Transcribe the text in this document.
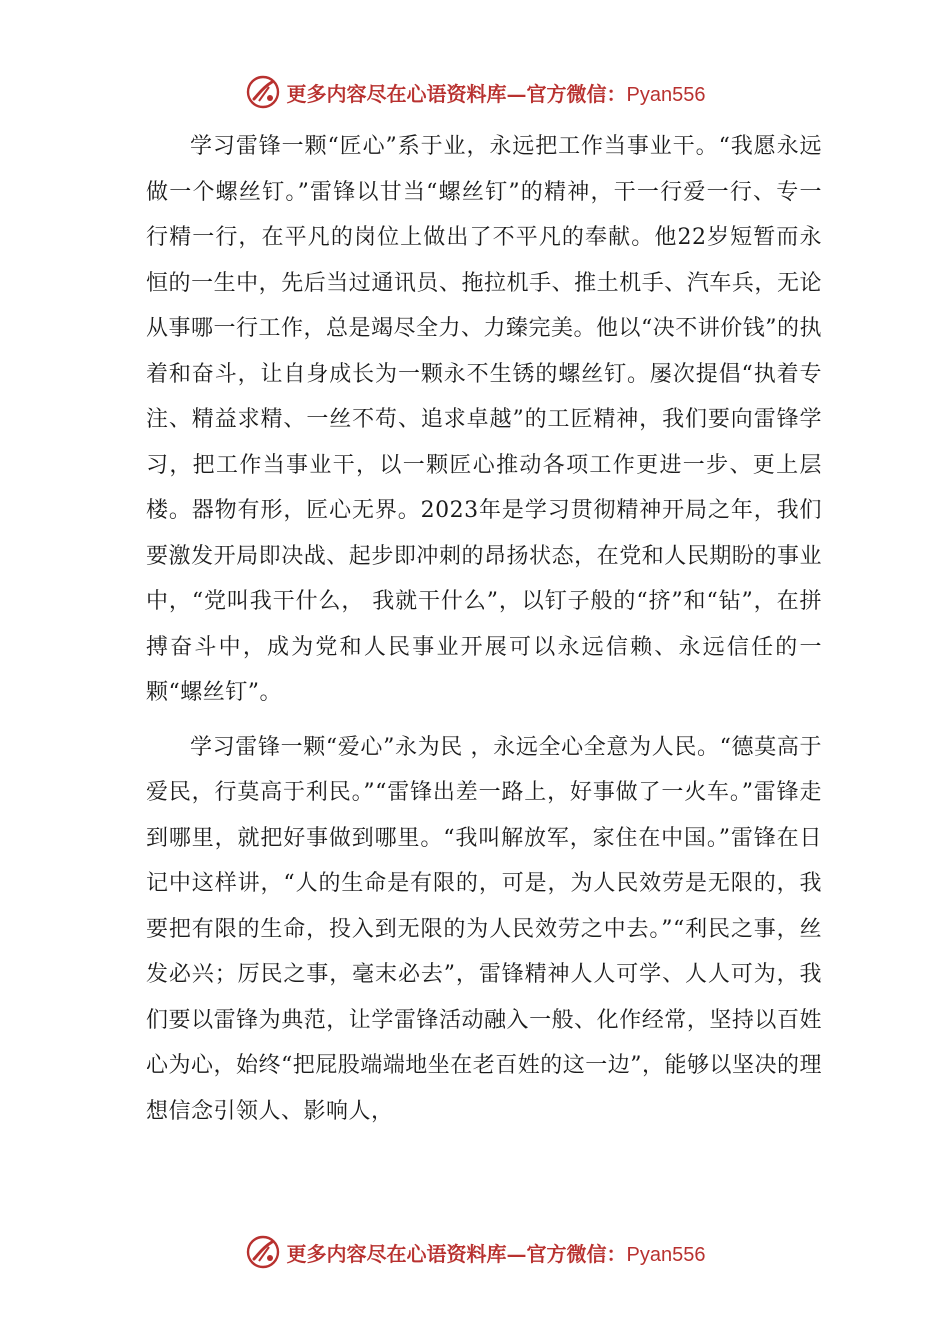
更多内容尽在心语资料库—官方微信：Pyan556

学习雷锋一颗“匠心”系于业，永远把工作当事业干。“我愿永远做一个螺丝钉。”雷锋以甘当“螺丝钉”的精神，干一行爱一行、专一行精一行，在平凡的岗位上做出了不平凡的奉献。他22岁短暂而永恒的一生中，先后当过通讯员、拖拉机手、推土机手、汽车兵，无论从事哪一行工作，总是竭尽全力、力臻完美。他以“决不讲价钱”的执着和奋斗，让自身成长为一颗永不生锈的螺丝钉。屡次提倡“执着专注、精益求精、一丝不苟、追求卓越”的工匠精神，我们要向雷锋学习，把工作当事业干，以一颗匠心推动各项工作更进一步、更上层楼。器物有形，匠心无界。2023年是学习贯彻精神开局之年，我们要激发开局即决战、起步即冲刺的昂扬状态，在党和人民期盼的事业中，“党叫我干什么， 我就干什么”，以钉子般的“挤”和“钻”，在拼搏奋斗中，成为党和人民事业开展可以永远信赖、永远信任的一颗“螺丝钉”。

学习雷锋一颗“爱心”永为民 ，永远全心全意为人民。“德莫高于爱民，行莫高于利民。”“雷锋出差一路上，好事做了一火车。”雷锋走到哪里，就把好事做到哪里。“我叫解放军，家住在中国。”雷锋在日记中这样讲，“人的生命是有限的，可是，为人民效劳是无限的，我要把有限的生命，投入到无限的为人民效劳之中去。”“利民之事，丝发必兴；厉民之事，毫末必去”，雷锋精神人人可学、人人可为，我们要以雷锋为典范，让学雷锋活动融入一般、化作经常，坚持以百姓心为心，始终“把屁股端端地坐在老百姓的这一边”，能够以坚决的理想信念引领人、影响人，

更多内容尽在心语资料库—官方微信：Pyan556
